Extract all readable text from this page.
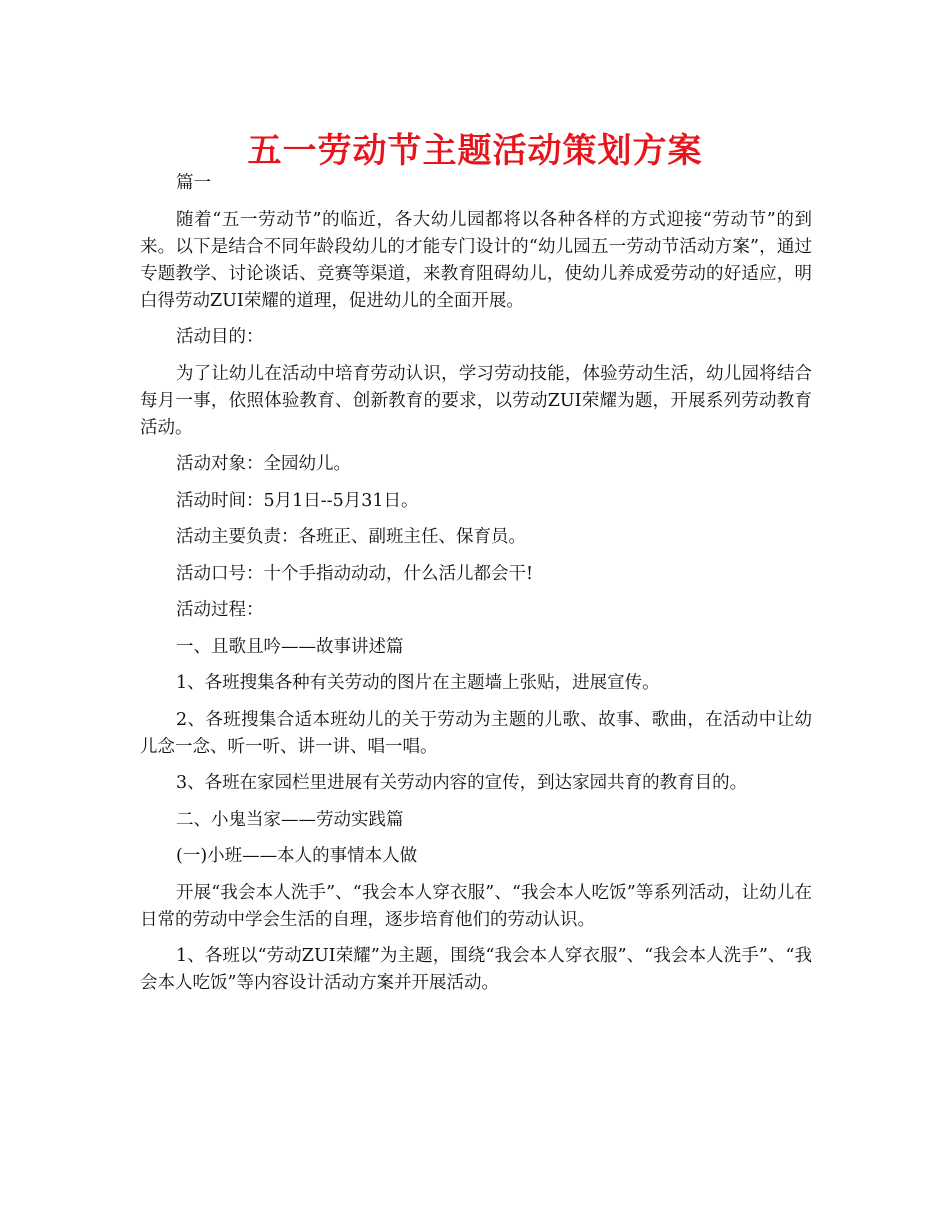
五一劳动节主题活动策划方案

篇一

随着“五一劳动节”的临近，各大幼儿园都将以各种各样的方式迎接“劳动节”的到来。以下是结合不同年龄段幼儿的才能专门设计的“幼儿园五一劳动节活动方案”，通过专题教学、讨论谈话、竞赛等渠道，来教育阻碍幼儿，使幼儿养成爱劳动的好适应，明白得劳动ZUI荣耀的道理，促进幼儿的全面开展。

活动目的：

为了让幼儿在活动中培育劳动认识，学习劳动技能，体验劳动生活，幼儿园将结合每月一事，依照体验教育、创新教育的要求，以劳动ZUI荣耀为题，开展系列劳动教育活动。

活动对象：全园幼儿。

活动时间：5月1日--5月31日。

活动主要负责：各班正、副班主任、保育员。

活动口号：十个手指动动动，什么活儿都会干!

活动过程：

一、且歌且吟——故事讲述篇

1、各班搜集各种有关劳动的图片在主题墙上张贴，进展宣传。

2、各班搜集合适本班幼儿的关于劳动为主题的儿歌、故事、歌曲，在活动中让幼儿念一念、听一听、讲一讲、唱一唱。

3、各班在家园栏里进展有关劳动内容的宣传，到达家园共育的教育目的。

二、小鬼当家——劳动实践篇

(一)小班——本人的事情本人做

开展“我会本人洗手”、“我会本人穿衣服”、“我会本人吃饭”等系列活动，让幼儿在日常的劳动中学会生活的自理，逐步培育他们的劳动认识。

1、各班以“劳动ZUI荣耀”为主题，围绕“我会本人穿衣服”、“我会本人洗手”、“我会本人吃饭”等内容设计活动方案并开展活动。
